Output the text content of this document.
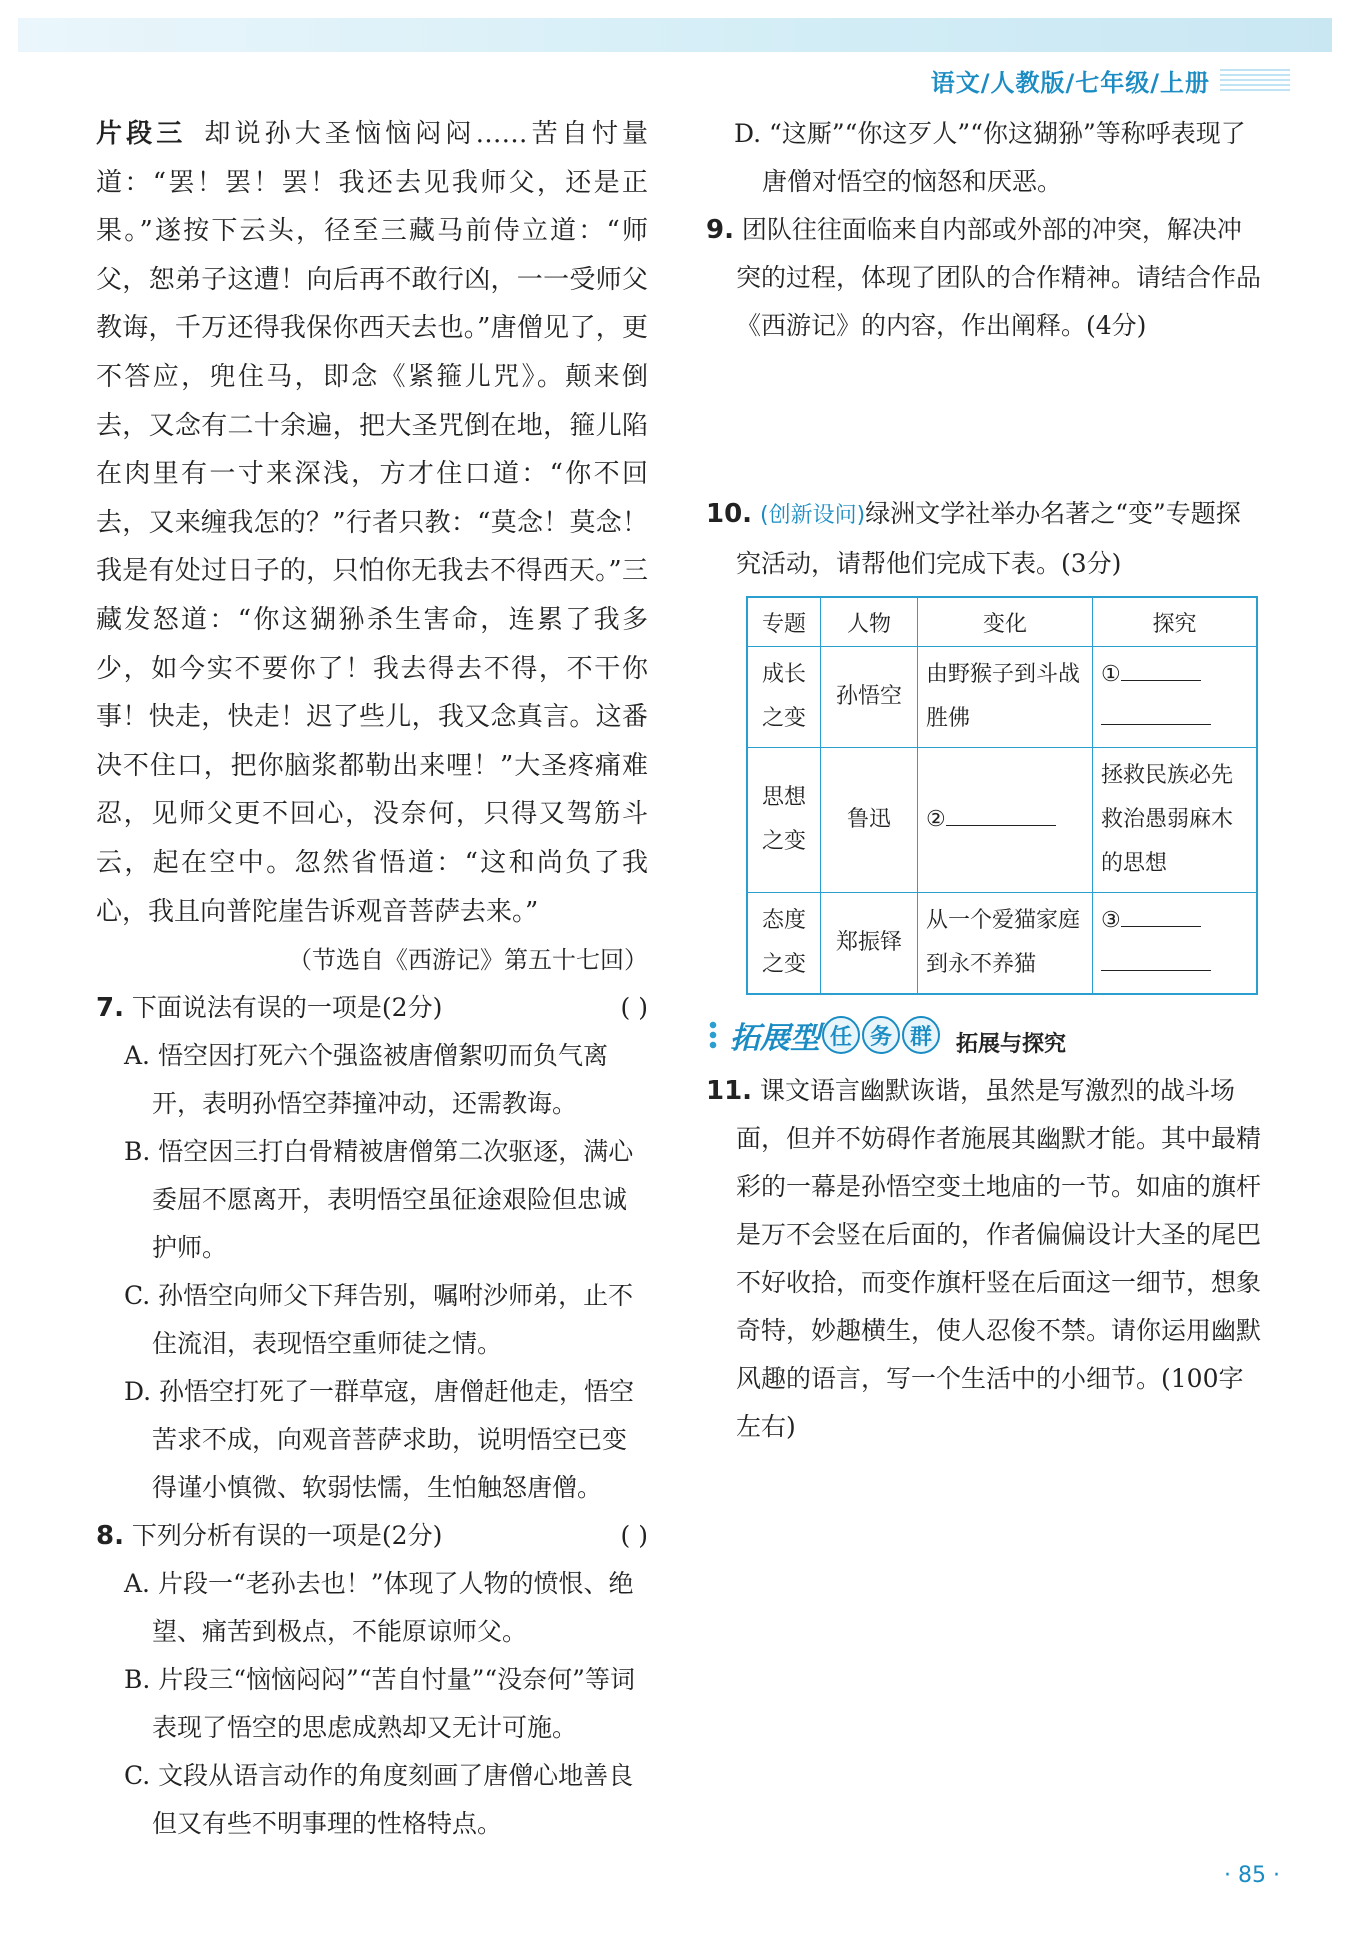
语文/人教版/七年级/上册

片段三 却说孙大圣恼恼闷闷……苦自忖量道：“罢！罢！罢！我还去见我师父，还是正果。”遂按下云头，径至三藏马前侍立道：“师父，恕弟子这遭！向后再不敢行凶，一一受师父教诲，千万还得我保你西天去也。”唐僧见了，更不答应，兜住马，即念《紧箍儿咒》。颠来倒去，又念有二十余遍，把大圣咒倒在地，箍儿陷在肉里有一寸来深浅，方才住口道：“你不回去，又来缠我怎的？”行者只教：“莫念！莫念！我是有处过日子的，只怕你无我去不得西天。”三藏发怒道：“你这猢狲杀生害命，连累了我多少，如今实不要你了！我去得去不得，不干你事！快走，快走！迟了些儿，我又念真言。这番决不住口，把你脑浆都勒出来哩！”大圣疼痛难忍，见师父更不回心，没奈何，只得又驾筋斗云，起在空中。忽然省悟道：“这和尚负了我心，我且向普陀崖告诉观音菩萨去来。”

（节选自《西游记》第五十七回）

7. 下面说法有误的一项是(2分)	( )

A. 悟空因打死六个强盗被唐僧絮叨而负气离开，表明孙悟空莽撞冲动，还需教诲。

B. 悟空因三打白骨精被唐僧第二次驱逐，满心委屈不愿离开，表明悟空虽征途艰险但忠诚护师。

C. 孙悟空向师父下拜告别，嘱咐沙师弟，止不住流泪，表现悟空重师徒之情。

D. 孙悟空打死了一群草寇，唐僧赶他走，悟空苦求不成，向观音菩萨求助，说明悟空已变得谨小慎微、软弱怯懦，生怕触怒唐僧。

8. 下列分析有误的一项是(2分)	( )

A. 片段一“老孙去也！”体现了人物的愤恨、绝望、痛苦到极点，不能原谅师父。

B. 片段三“恼恼闷闷”“苦自忖量”“没奈何”等词表现了悟空的思虑成熟却又无计可施。

C. 文段从语言动作的角度刻画了唐僧心地善良但又有些不明事理的性格特点。

D. “这厮”“你这歹人”“你这猢狲”等称呼表现了唐僧对悟空的恼怒和厌恶。

9. 团队往往面临来自内部或外部的冲突，解决冲突的过程，体现了团队的合作精神。请结合作品《西游记》的内容，作出阐释。(4分)

10. (创新设问)绿洲文学社举办名著之“变”专题探究活动，请帮他们完成下表。(3分)

专题	人物	变化	探究
成长之变	孙悟空	由野猴子到斗战胜佛	①

思想之变	鲁迅	②	拯救民族必先救治愚弱麻木的思想
态度之变	郑振铎	从一个爱猫家庭到永不养猫	③

拓展型 任 务 群	拓展与探究

11. 课文语言幽默诙谐，虽然是写激烈的战斗场面，但并不妨碍作者施展其幽默才能。其中最精彩的一幕是孙悟空变土地庙的一节。如庙的旗杆是万不会竖在后面的，作者偏偏设计大圣的尾巴不好收拾，而变作旗杆竖在后面这一细节，想象奇特，妙趣横生，使人忍俊不禁。请你运用幽默风趣的语言，写一个生活中的小细节。(100字左右)

· 85 ·
